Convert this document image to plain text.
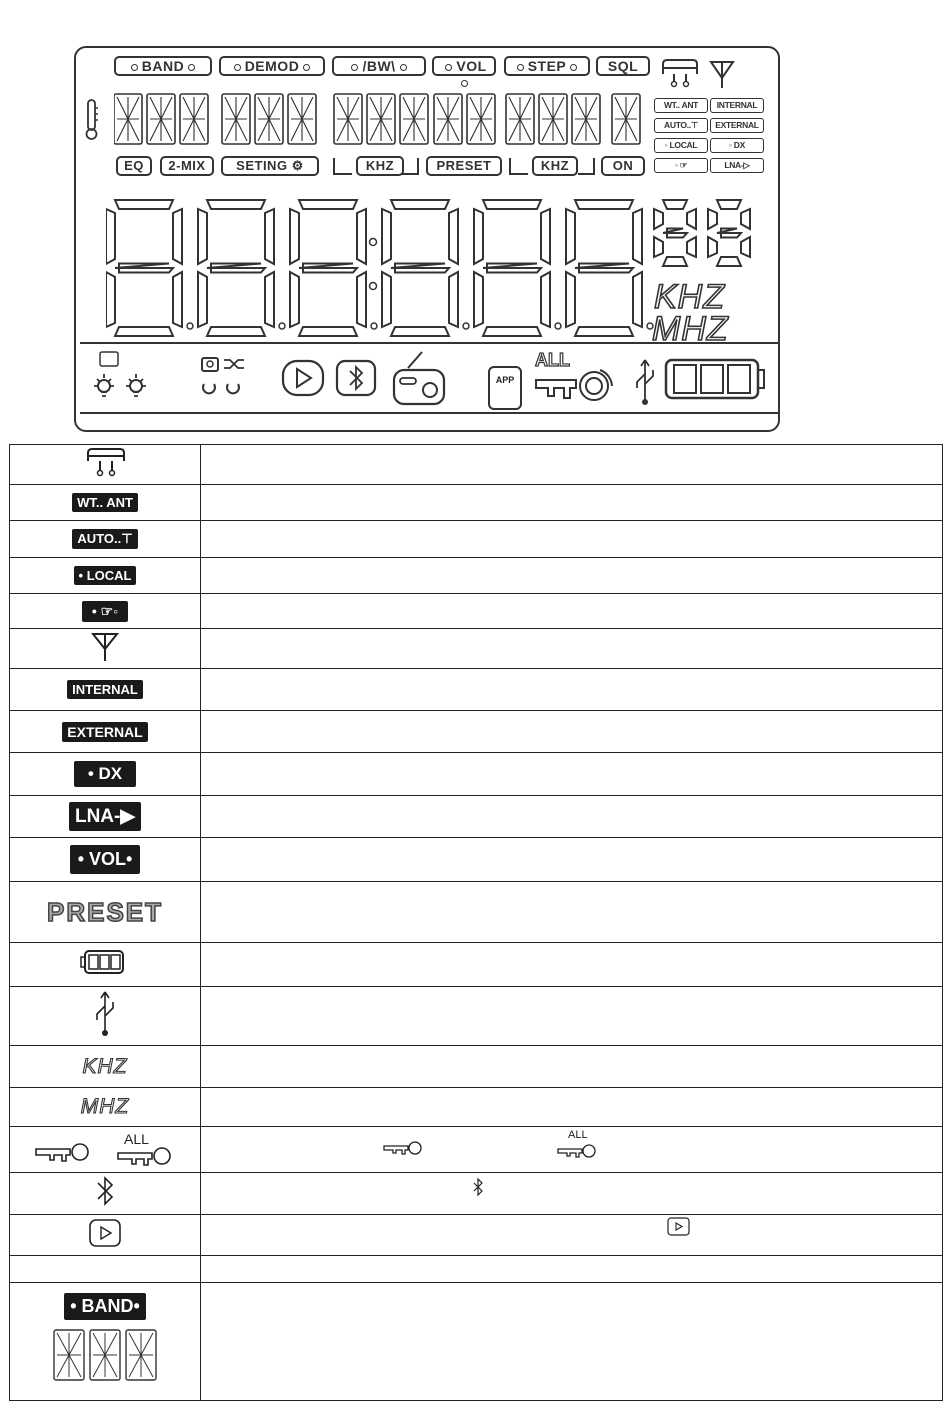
BAND	DEMOD	/BW\	VOL	STEP	SQL
WT.. ANT	INTERNAL
AUTO..⊤	EXTERNAL
◦ LOCAL	◦ DX
◦ ☞	LNA-▷
EQ	2-MIX	SETING ⚙	KHZ	PRESET	KHZ	ON
KHZ
MHZ
APP
ALL

WT.. ANT	
AUTO..⊤	
• LOCAL	
• ☞◦	

INTERNAL	
EXTERNAL	
• DX	
LNA-▶	
• VOL•	
PRESET	

KHZ	
MHZ	

ALL	ALL

• BAND•
